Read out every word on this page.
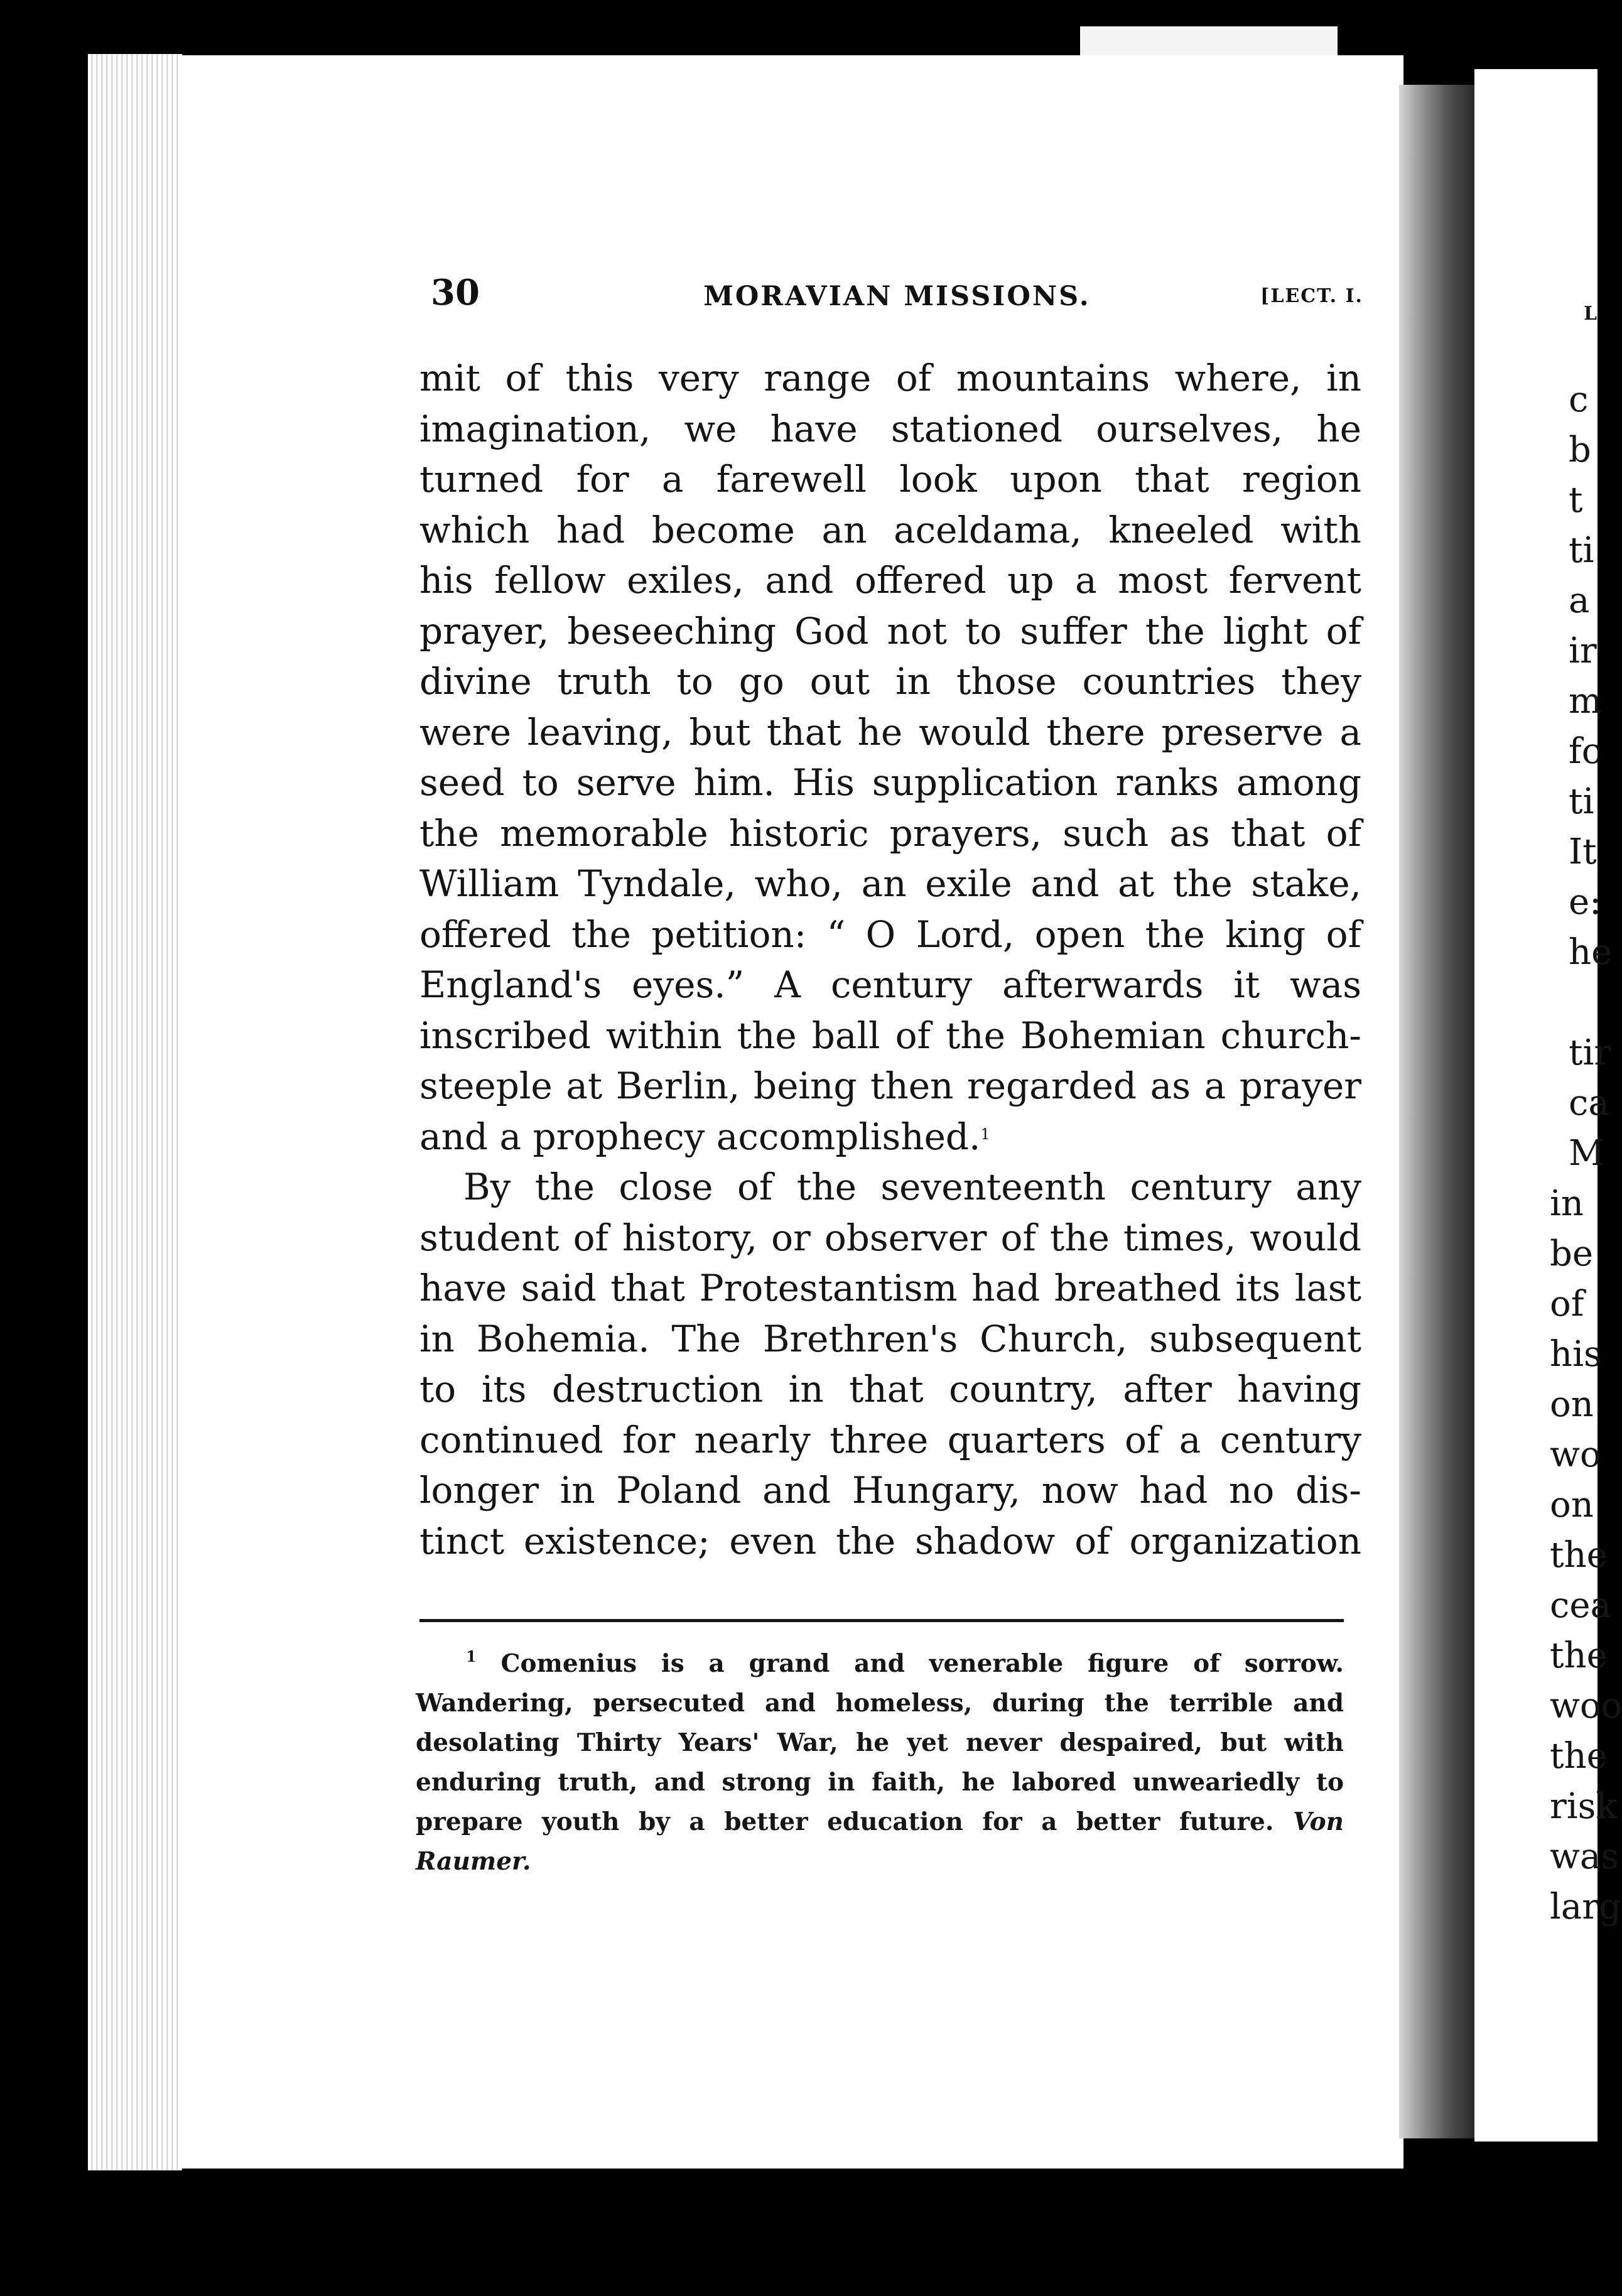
30	MORAVIAN MISSIONS.	[LECT. I.
mit of this very range of mountains where, in
imagination, we have stationed ourselves, he
turned for a farewell look upon that region
which had become an aceldama, kneeled with
his fellow exiles, and offered up a most fervent
prayer, beseeching God not to suffer the light of
divine truth to go out in those countries they
were leaving, but that he would there preserve a
seed to serve him. His supplication ranks among
the memorable historic prayers, such as that of
William Tyndale, who, an exile and at the stake,
offered the petition: “ O Lord, open the king of
England's eyes.” A century afterwards it was
inscribed within the ball of the Bohemian church-
steeple at Berlin, being then regarded as a prayer
and a prophecy accomplished.$^1$
By the close of the seventeenth century any
student of history, or observer of the times, would
have said that Protestantism had breathed its last
in Bohemia. The Brethren's Church, subsequent
to its destruction in that country, after having
continued for nearly three quarters of a century
longer in Poland and Hungary, now had no dis-
tinct existence; even the shadow of organization
$^1$ Comenius is a grand and venerable figure of sorrow.
Wandering, persecuted and homeless, during the terrible and
desolating Thirty Years' War, he yet never despaired, but with
enduring truth, and strong in faith, he labored unweariedly to
prepare youth by a better education for a better future. Von
Raumer.
L
c
b
t
ti
a
ir
m
fc
ti
It
e:
he
tir
ca
M
in
be
of
his
on
wo
on
the
cea
the
woo
the
risk
was
larg
